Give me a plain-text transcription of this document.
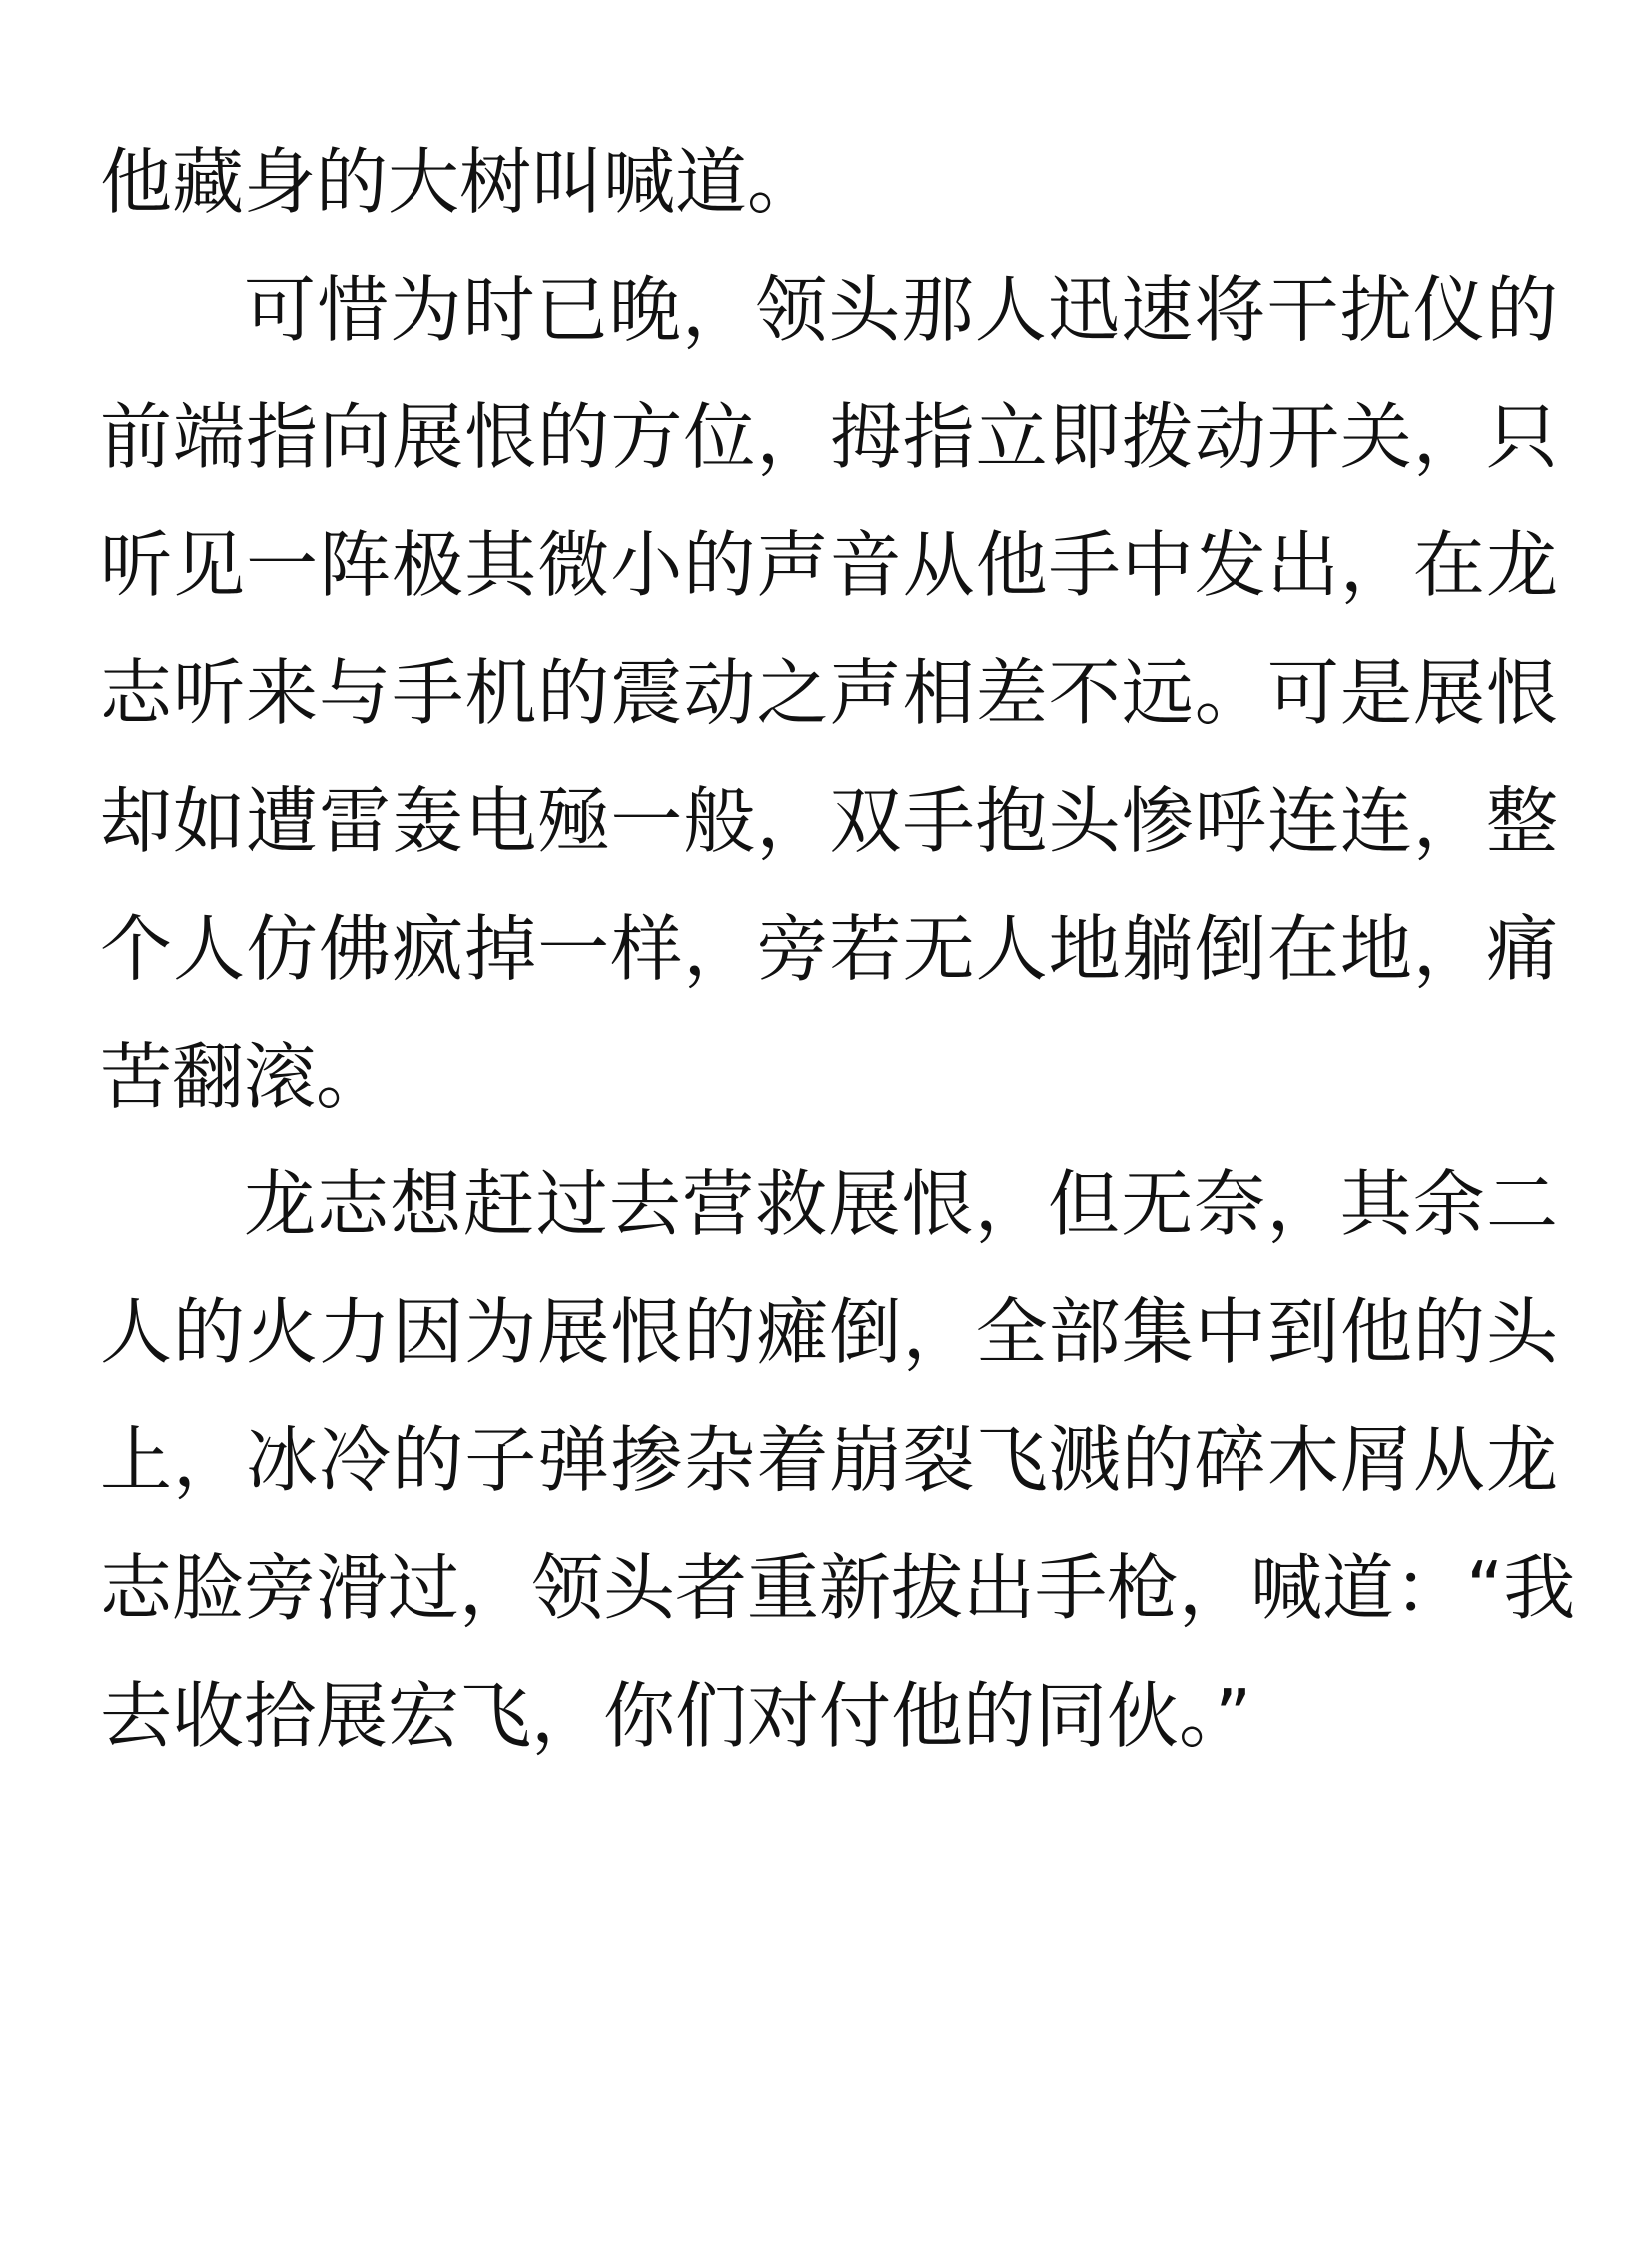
他藏身的大树叫喊道。
可惜为时已晚，领头那人迅速将干扰仪的
前端指向展恨的方位，拇指立即拨动开关，只
听见一阵极其微小的声音从他手中发出，在龙
志听来与手机的震动之声相差不远。可是展恨
却如遭雷轰电殛一般，双手抱头惨呼连连，整
个人仿佛疯掉一样，旁若无人地躺倒在地，痛
苦翻滚。
龙志想赶过去营救展恨，但无奈，其余二
人的火力因为展恨的瘫倒，全部集中到他的头
上，冰冷的子弹掺杂着崩裂飞溅的碎木屑从龙
志脸旁滑过，领头者重新拔出手枪，喊道：“我
去收拾展宏飞，你们对付他的同伙。”
